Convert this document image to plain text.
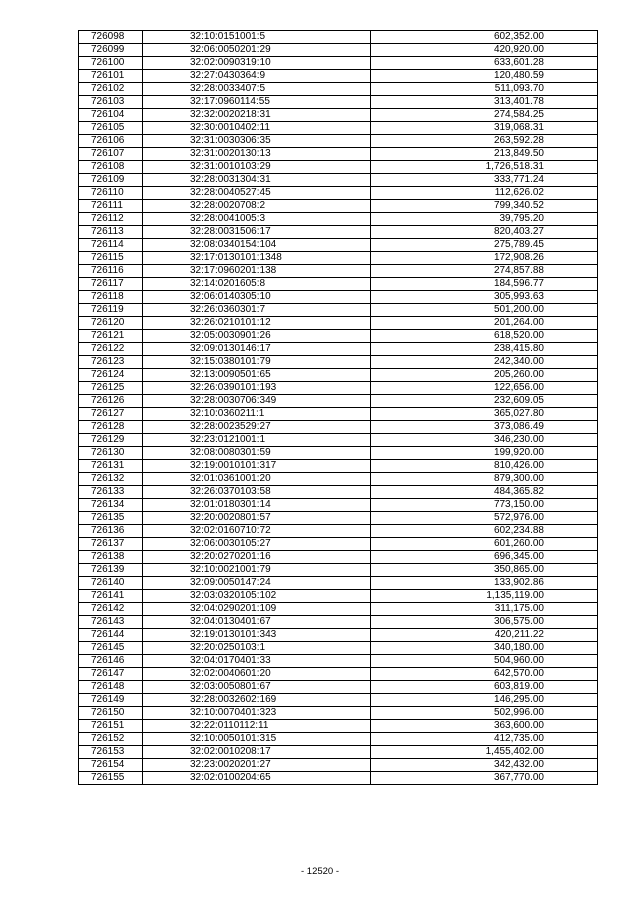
726098	32:10:0151001:5	602,352.00
726099	32:06:0050201:29	420,920.00
726100	32:02:0090319:10	633,601.28
726101	32:27:0430364:9	120,480.59
726102	32:28:0033407:5	511,093.70
726103	32:17:0960114:55	313,401.78
726104	32:32:0020218:31	274,584.25
726105	32:30:0010402:11	319,068.31
726106	32:31:0030306:35	263,592.28
726107	32:31:0020130:13	213,849.50
726108	32:31:0010103:29	1,726,518.31
726109	32:28:0031304:31	333,771.24
726110	32:28:0040527:45	112,626.02
726111	32:28:0020708:2	799,340.52
726112	32:28:0041005:3	39,795.20
726113	32:28:0031506:17	820,403.27
726114	32:08:0340154:104	275,789.45
726115	32:17:0130101:1348	172,908.26
726116	32:17:0960201:138	274,857.88
726117	32:14:0201605:8	184,596.77
726118	32:06:0140305:10	305,993.63
726119	32:26:0360301:7	501,200.00
726120	32:26:0210101:12	201,264.00
726121	32:05:0030901:26	618,520.00
726122	32:09:0130146:17	238,415.80
726123	32:15:0380101:79	242,340.00
726124	32:13:0090501:65	205,260.00
726125	32:26:0390101:193	122,656.00
726126	32:28:0030706:349	232,609.05
726127	32:10:0360211:1	365,027.80
726128	32:28:0023529:27	373,086.49
726129	32:23:0121001:1	346,230.00
726130	32:08:0080301:59	199,920.00
726131	32:19:0010101:317	810,426.00
726132	32:01:0361001:20	879,300.00
726133	32:26:0370103:58	484,365.82
726134	32:01:0180301:14	773,150.00
726135	32:20:0020801:57	572,976.00
726136	32:02:0160710:72	602,234.88
726137	32:06:0030105:27	601,260.00
726138	32:20:0270201:16	696,345.00
726139	32:10:0021001:79	350,865.00
726140	32:09:0050147:24	133,902.86
726141	32:03:0320105:102	1,135,119.00
726142	32:04:0290201:109	311,175.00
726143	32:04:0130401:67	306,575.00
726144	32:19:0130101:343	420,211.22
726145	32:20:0250103:1	340,180.00
726146	32:04:0170401:33	504,960.00
726147	32:02:0040601:20	642,570.00
726148	32:03:0050801:67	603,819.00
726149	32:28:0032602:169	146,295.00
726150	32:10:0070401:323	502,996.00
726151	32:22:0110112:11	363,600.00
726152	32:10:0050101:315	412,735.00
726153	32:02:0010208:17	1,455,402.00
726154	32:23:0020201:27	342,432.00
726155	32:02:0100204:65	367,770.00
- 12520 -
